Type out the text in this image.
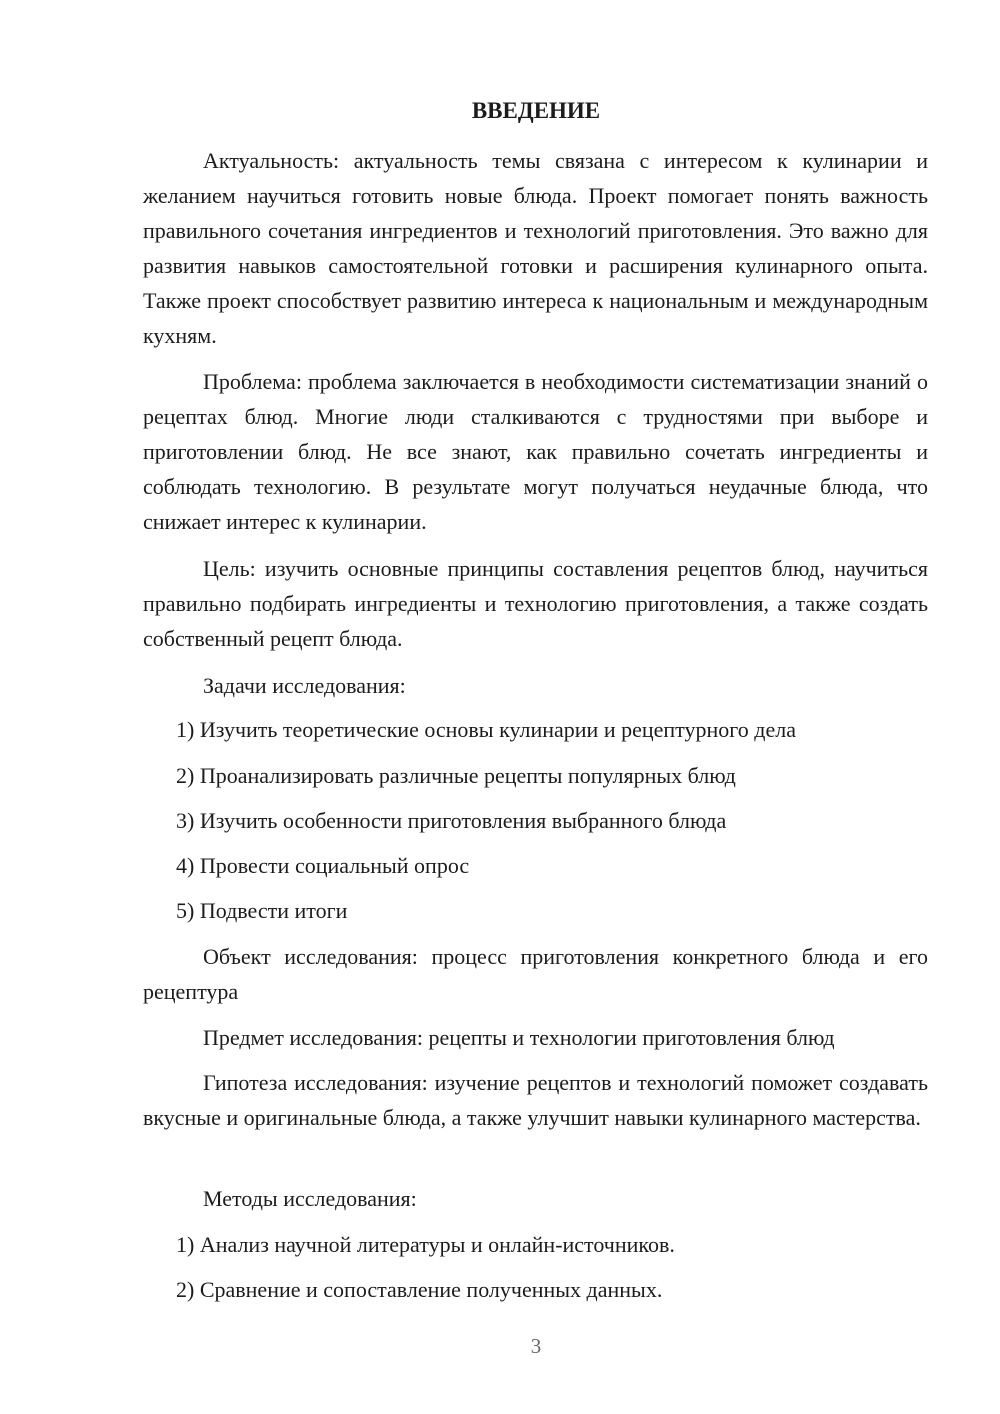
ВВЕДЕНИЕ

Актуальность: актуальность темы связана с интересом к кулинарии и желанием научиться готовить новые блюда. Проект помогает понять важность правильного сочетания ингредиентов и технологий приготовления. Это важно для развития навыков самостоятельной готовки и расширения кулинарного опыта. Также проект способствует развитию интереса к национальным и международным кухням.

Проблема: проблема заключается в необходимости систематизации знаний о рецептах блюд. Многие люди сталкиваются с трудностями при выборе и приготовлении блюд. Не все знают, как правильно сочетать ингредиенты и соблюдать технологию. В результате могут получаться неудачные блюда, что снижает интерес к кулинарии.

Цель: изучить основные принципы составления рецептов блюд, научиться правильно подбирать ингредиенты и технологию приготовления, а также создать собственный рецепт блюда.

Задачи исследования:

1) Изучить теоретические основы кулинарии и рецептурного дела

2) Проанализировать различные рецепты популярных блюд

3) Изучить особенности приготовления выбранного блюда

4) Провести социальный опрос

5) Подвести итоги

Объект исследования: процесс приготовления конкретного блюда и его рецептура

Предмет исследования: рецепты и технологии приготовления блюд

Гипотеза исследования: изучение рецептов и технологий поможет создавать вкусные и оригинальные блюда, а также улучшит навыки кулинарного мастерства.

Методы исследования:

1) Анализ научной литературы и онлайн-источников.

2) Сравнение и сопоставление полученных данных.

3
